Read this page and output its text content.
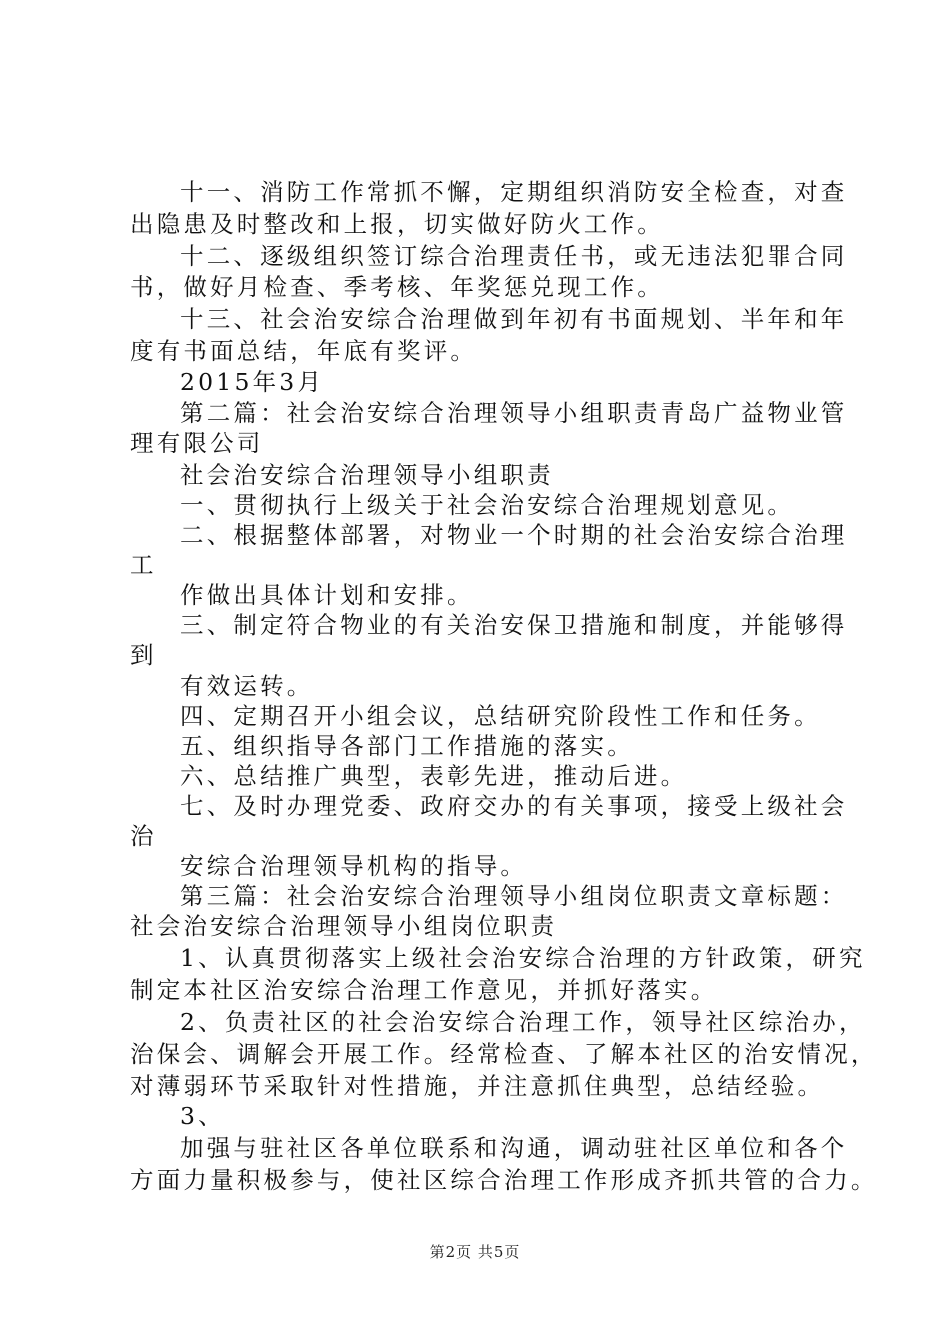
十一、消防工作常抓不懈，定期组织消防安全检查，对查
出隐患及时整改和上报，切实做好防火工作。
十二、逐级组织签订综合治理责任书，或无违法犯罪合同
书，做好月检查、季考核、年奖惩兑现工作。
十三、社会治安综合治理做到年初有书面规划、半年和年
度有书面总结，年底有奖评。
2015年3月
第二篇：社会治安综合治理领导小组职责青岛广益物业管
理有限公司
社会治安综合治理领导小组职责
一、贯彻执行上级关于社会治安综合治理规划意见。
二、根据整体部署，对物业一个时期的社会治安综合治理
工
作做出具体计划和安排。
三、制定符合物业的有关治安保卫措施和制度，并能够得
到
有效运转。
四、定期召开小组会议，总结研究阶段性工作和任务。
五、组织指导各部门工作措施的落实。
六、总结推广典型，表彰先进，推动后进。
七、及时办理党委、政府交办的有关事项，接受上级社会
治
安综合治理领导机构的指导。
第三篇：社会治安综合治理领导小组岗位职责文章标题：
社会治安综合治理领导小组岗位职责
1、认真贯彻落实上级社会治安综合治理的方针政策，研究
制定本社区治安综合治理工作意见，并抓好落实。
2、负责社区的社会治安综合治理工作，领导社区综治办，
治保会、调解会开展工作。经常检查、了解本社区的治安情况，
对薄弱环节采取针对性措施，并注意抓住典型，总结经验。
3、
加强与驻社区各单位联系和沟通，调动驻社区单位和各个
方面力量积极参与，使社区综合治理工作形成齐抓共管的合力。
第2页 共5页
